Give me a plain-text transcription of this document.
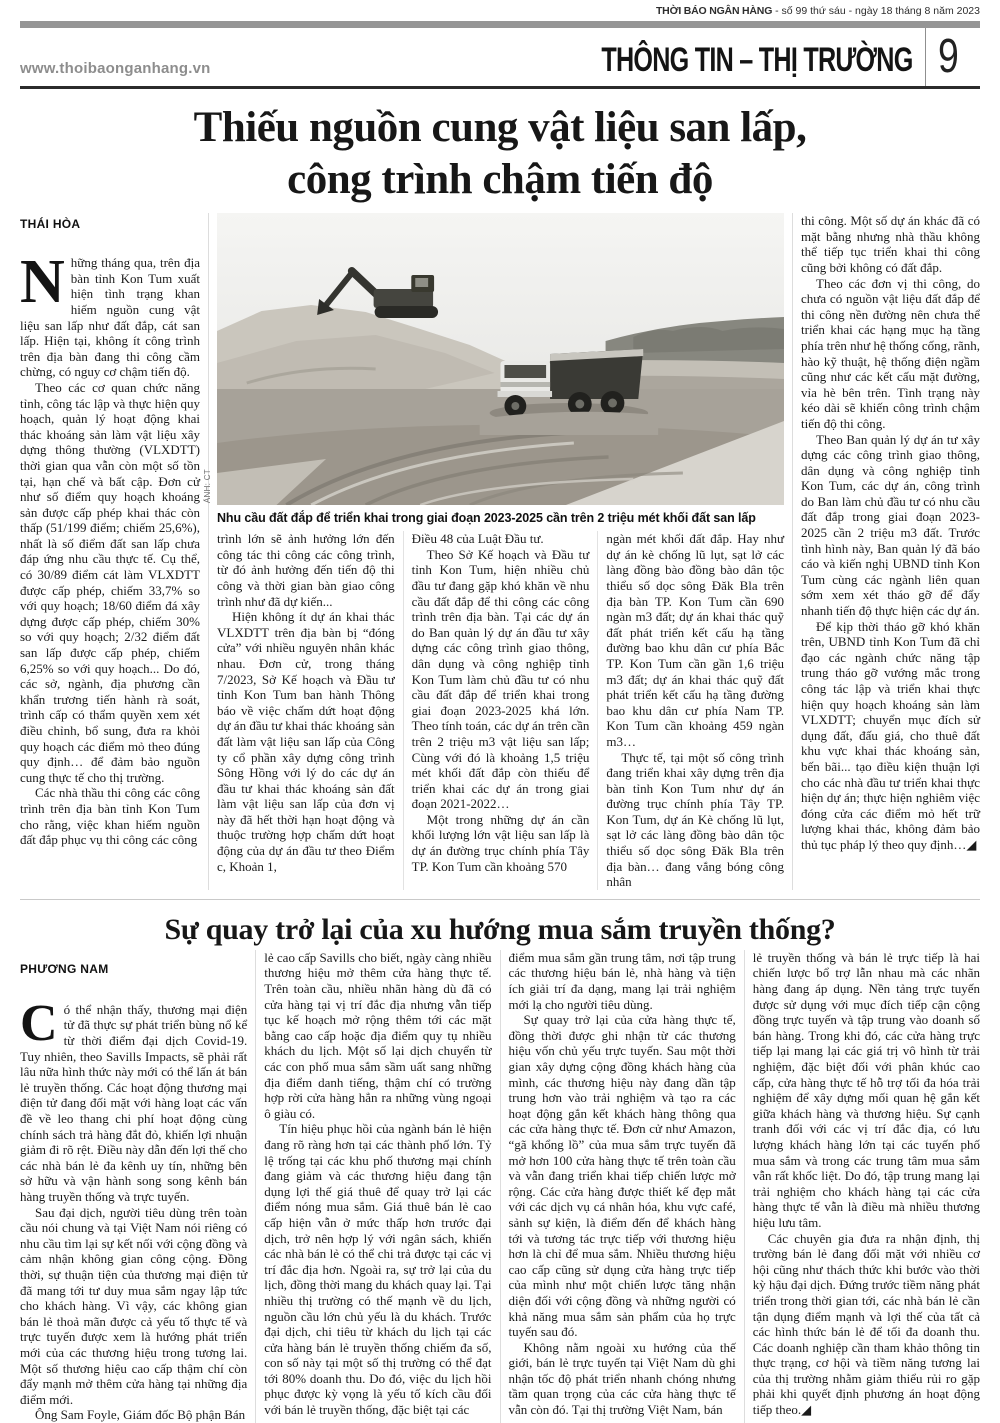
THỜI BÁO NGÂN HÀNG - số 99 thứ sáu - ngày 18 tháng 8 năm 2023
www.thoibaonganhang.vn	THÔNG TIN – THỊ TRƯỜNG 9
Thiếu nguồn cung vật liệu san lấp,
công trình chậm tiến độ
THÁI HÒA

Những tháng qua, trên địa bàn tỉnh Kon Tum xuất hiện tình trạng khan hiếm nguồn cung vật liệu san lấp như đất đắp, cát san lấp. Hiện tại, không ít công trình trên địa bàn đang thi công cầm chừng, có nguy cơ chậm tiến độ.

Theo các cơ quan chức năng tỉnh, công tác lập và thực hiện quy hoạch, quản lý hoạt động khai thác khoáng sản làm vật liệu xây dựng thông thường (VLXDTT) thời gian qua vẫn còn một số tồn tại, hạn chế và bất cập. Đơn cử như số điểm quy hoạch khoáng sản được cấp phép khai thác còn thấp (51/199 điểm; chiếm 25,6%), nhất là số điểm đất san lấp chưa đáp ứng nhu cầu thực tế. Cụ thể, có 30/89 điểm cát làm VLXDTT được cấp phép, chiếm 33,7% so với quy hoạch; 18/60 điểm đá xây dựng được cấp phép, chiếm 30% so với quy hoạch; 2/32 điểm đất san lấp được cấp phép, chiếm 6,25% so với quy hoạch... Do đó, các sở, ngành, địa phương cần khẩn trương tiến hành rà soát, trình cấp có thẩm quyền xem xét điều chỉnh, bổ sung, đưa ra khỏi quy hoạch các điểm mỏ theo đúng quy định… để đảm bảo nguồn cung thực tế cho thị trường.

Các nhà thầu thi công các công trình trên địa bàn tỉnh Kon Tum cho rằng, việc khan hiếm nguồn đất đắp phục vụ thi công các công

ẢNH: CT
Nhu cầu đất đắp để triển khai trong giai đoạn 2023-2025 cần trên 2 triệu mét khối đất san lấp

trình lớn sẽ ảnh hưởng lớn đến công tác thi công các công trình, từ đó ảnh hưởng đến tiến độ thi công và thời gian bàn giao công trình như đã dự kiến...

Hiện không ít dự án khai thác VLXDTT trên địa bàn bị “đóng cửa” với nhiều nguyên nhân khác nhau. Đơn cử, trong tháng 7/2023, Sở Kế hoạch và Đầu tư tỉnh Kon Tum ban hành Thông báo về việc chấm dứt hoạt động dự án đầu tư khai thác khoáng sản đất làm vật liệu san lấp của Công ty cổ phần xây dựng công trình Sông Hồng với lý do các dự án đầu tư khai thác khoáng sản đất làm vật liệu san lấp của đơn vị này đã hết thời hạn hoạt động và thuộc trường hợp chấm dứt hoạt động của dự án đầu tư theo Điểm c, Khoản 1,

Điều 48 của Luật Đầu tư.

Theo Sở Kế hoạch và Đầu tư tỉnh Kon Tum, hiện nhiều chủ đầu tư đang gặp khó khăn về nhu cầu đất đắp để thi công các công trình trên địa bàn. Tại các dự án do Ban quản lý dự án đầu tư xây dựng các công trình giao thông, dân dụng và công nghiệp tỉnh Kon Tum làm chủ đầu tư có nhu cầu đất đắp để triển khai trong giai đoạn 2023-2025 khá lớn. Theo tính toán, các dự án trên cần trên 2 triệu m3 vật liệu san lấp; Cùng với đó là khoảng 1,5 triệu mét khối đất đắp còn thiếu để triển khai các dự án trong giai đoạn 2021-2022…

Một trong những dự án cần khối lượng lớn vật liệu san lấp là dự án đường trục chính phía Tây TP. Kon Tum cần khoảng 570

ngàn mét khối đất đắp. Hay như dự án kè chống lũ lụt, sạt lở các làng đồng bào đồng bào dân tộc thiểu số dọc sông Đăk Bla trên địa bàn TP. Kon Tum cần 690 ngàn m3 đất; dự án khai thác quỹ đất phát triển kết cấu hạ tầng đường bao khu dân cư phía Bắc TP. Kon Tum cần gần 1,6 triệu m3 đất; dự án khai thác quỹ đất phát triển kết cấu hạ tầng đường bao khu dân cư phía Nam TP. Kon Tum cần khoảng 459 ngàn m3…

Thực tế, tại một số công trình đang triển khai xây dựng trên địa bàn tỉnh Kon Tum như dự án đường trục chính phía Tây TP. Kon Tum, dự án Kè chống lũ lụt, sạt lở các làng đồng bào dân tộc thiểu số dọc sông Đăk Bla trên địa bàn… đang vắng bóng công nhân

thi công. Một số dự án khác đã có mặt bằng nhưng nhà thầu không thể tiếp tục triển khai thi công cũng bởi không có đất đắp.

Theo các đơn vị thi công, do chưa có nguồn vật liệu đất đắp để thi công nền đường nên chưa thể triển khai các hạng mục hạ tầng phía trên như hệ thống cống, rãnh, hào kỹ thuật, hệ thống điện ngầm cũng như các kết cấu mặt đường, vỉa hè bên trên. Tình trạng này kéo dài sẽ khiến công trình chậm tiến độ thi công.

Theo Ban quản lý dự án tư xây dựng các công trình giao thông, dân dụng và công nghiệp tỉnh Kon Tum, các dự án, công trình do Ban làm chủ đầu tư có nhu cầu đất đắp trong giai đoạn 2023-2025 cần 2 triệu m3 đất. Trước tình hình này, Ban quản lý đã báo cáo và kiến nghị UBND tỉnh Kon Tum cùng các ngành liên quan sớm xem xét tháo gỡ để đẩy nhanh tiến độ thực hiện các dự án.

Để kịp thời tháo gỡ khó khăn trên, UBND tỉnh Kon Tum đã chỉ đạo các ngành chức năng tập trung tháo gỡ vướng mắc trong công tác lập và triển khai thực hiện quy hoạch khoáng sản làm VLXDTT; chuyển mục đích sử dụng đất, đấu giá, cho thuê đất khu vực khai thác khoáng sản, bến bãi... tạo điều kiện thuận lợi cho các nhà đầu tư triển khai thực hiện dự án; thực hiện nghiêm việc đóng cửa các điểm mỏ hết trữ lượng khai thác, không đảm bảo thủ tục pháp lý theo quy định…◢

Sự quay trở lại của xu hướng mua sắm truyền thống?
PHƯƠNG NAM

Có thể nhận thấy, thương mại điện tử đã thực sự phát triển bùng nổ kể từ thời điểm đại dịch Covid-19. Tuy nhiên, theo Savills Impacts, sẽ phải rất lâu nữa hình thức này mới có thể lấn át bán lẻ truyền thống. Các hoạt động thương mại điện tử đang đối mặt với hàng loạt các vấn đề về leo thang chi phí hoạt động cùng chính sách trả hàng đắt đỏ, khiến lợi nhuận giảm đi rõ rệt. Điều này dẫn đến lợi thế cho các nhà bán lẻ đa kênh uy tín, những bên sở hữu và vận hành song song kênh bán hàng truyền thống và trực tuyến.

Sau đại dịch, người tiêu dùng trên toàn cầu nói chung và tại Việt Nam nói riêng có nhu cầu tìm lại sự kết nối với cộng đồng và cảm nhận không gian công cộng. Đồng thời, sự thuận tiện của thương mại điện tử đã mang tới tư duy mua sắm ngay lập tức cho khách hàng. Vì vậy, các không gian bán lẻ thoả mãn được cả yếu tố thực tế và trực tuyến được xem là hướng phát triển mới của các thương hiệu trong tương lai. Một số thương hiệu cao cấp thậm chí còn đẩy mạnh mở thêm cửa hàng tại những địa điểm mới.

Ông Sam Foyle, Giám đốc Bộ phận Bán

lẻ cao cấp Savills cho biết, ngày càng nhiều thương hiệu mở thêm cửa hàng thực tế. Trên toàn cầu, nhiều nhãn hàng dù đã có cửa hàng tại vị trí đắc địa nhưng vẫn tiếp tục kế hoạch mở rộng thêm tới các mặt bằng cao cấp hoặc địa điểm quy tụ nhiều khách du lịch. Một số lại dịch chuyển từ các con phố mua sắm sầm uất sang những địa điểm danh tiếng, thậm chí có trường hợp rời cửa hàng hẳn ra những vùng ngoại ô giàu có.

Tín hiệu phục hồi của ngành bán lẻ hiện đang rõ ràng hơn tại các thành phố lớn. Tỷ lệ trống tại các khu phố thương mại chính đang giảm và các thương hiệu đang tận dụng lợi thế giá thuê để quay trở lại các điểm nóng mua sắm. Giá thuê bán lẻ cao cấp hiện vẫn ở mức thấp hơn trước đại dịch, trở nên hợp lý với ngân sách, khiến các nhà bán lẻ có thể chi trả được tại các vị trí đắc địa hơn. Ngoài ra, sự trở lại của du lịch, đồng thời mang du khách quay lại. Tại nhiều thị trường có thế mạnh về du lịch, nguồn cầu lớn chủ yếu là du khách. Trước đại dịch, chi tiêu từ khách du lịch tại các cửa hàng bán lẻ truyền thống chiếm đa số, con số này tại một số thị trường có thể đạt tới 80% doanh thu. Do đó, việc du lịch hồi phục được kỳ vọng là yếu tố kích cầu đối với bán lẻ truyền thống, đặc biệt tại các

điểm mua sắm gần trung tâm, nơi tập trung các thương hiệu bán lẻ, nhà hàng và tiện ích giải trí đa dạng, mang lại trải nghiệm mới lạ cho người tiêu dùng.

Sự quay trở lại của cửa hàng thực tế, đồng thời được ghi nhận từ các thương hiệu vốn chủ yếu trực tuyến. Sau một thời gian xây dựng cộng đồng khách hàng của mình, các thương hiệu này đang dần tập trung hơn vào trải nghiệm và tạo ra các hoạt động gắn kết khách hàng thông qua các cửa hàng thực tế. Đơn cử như Amazon, “gã khổng lồ” của mua sắm trực tuyến đã mở hơn 100 cửa hàng thực tế trên toàn cầu và vẫn đang triển khai tiếp chiến lược mở rộng. Các cửa hàng được thiết kế đẹp mắt với các dịch vụ cá nhân hóa, khu vực café, sảnh sự kiện, là điểm đến để khách hàng tới và tương tác trực tiếp với thương hiệu hơn là chỉ để mua sắm. Nhiều thương hiệu cao cấp cũng sử dụng cửa hàng trực tiếp của mình như một chiến lược tăng nhận diện đối với cộng đồng và những người có khả năng mua sắm sản phẩm của họ trực tuyến sau đó.

Không nằm ngoài xu hướng của thế giới, bán lẻ trực tuyến tại Việt Nam dù ghi nhận tốc độ phát triển nhanh chóng nhưng tầm quan trọng của các cửa hàng thực tế vẫn còn đó. Tại thị trường Việt Nam, bán

lẻ truyền thống và bán lẻ trực tiếp là hai chiến lược bổ trợ lẫn nhau mà các nhãn hàng đang áp dụng. Nền tảng trực tuyến được sử dụng với mục đích tiếp cận cộng đồng trực tuyến và tập trung vào doanh số bán hàng. Trong khi đó, các cửa hàng trực tiếp lại mang lại các giá trị vô hình từ trải nghiệm, đặc biệt đối với phân khúc cao cấp, cửa hàng thực tế hỗ trợ tối đa hóa trải nghiệm để xây dựng mối quan hệ gắn kết giữa khách hàng và thương hiệu. Sự cạnh tranh đối với các vị trí đắc địa, có lưu lượng khách hàng lớn tại các tuyến phố mua sắm và trong các trung tâm mua sắm vẫn rất khốc liệt. Do đó, tập trung mang lại trải nghiệm cho khách hàng tại các cửa hàng thực tế vẫn là điều mà nhiều thương hiệu lưu tâm.

Các chuyên gia đưa ra nhận định, thị trường bán lẻ đang đối mặt với nhiều cơ hội cũng như thách thức khi bước vào thời kỳ hậu đại dịch. Đứng trước tiềm năng phát triển trong thời gian tới, các nhà bán lẻ cần tận dụng điểm mạnh và lợi thế của tất cả các hình thức bán lẻ để tối đa doanh thu. Các doanh nghiệp cần tham khảo thông tin thực trạng, cơ hội và tiềm năng tương lai của thị trường nhằm giảm thiểu rủi ro gặp phải khi quyết định phương án hoạt động tiếp theo.◢
